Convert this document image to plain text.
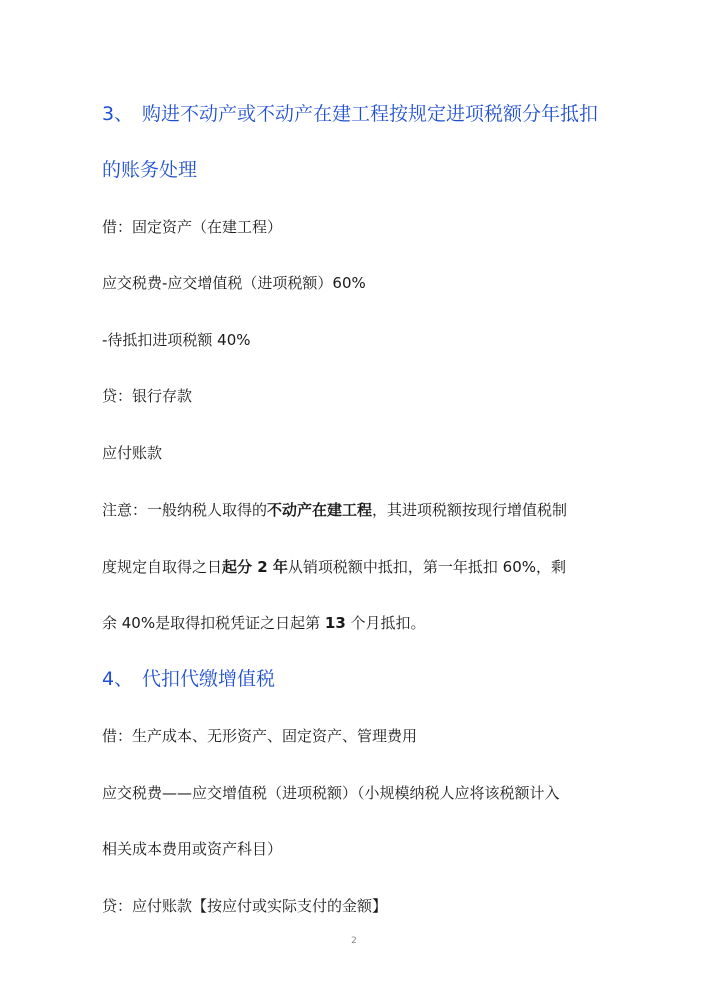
3、 购进不动产或不动产在建工程按规定进项税额分年抵扣
的账务处理
借：固定资产（在建工程）
应交税费-应交增值税（进项税额）60%
-待抵扣进项税额 40%
贷：银行存款
应付账款
注意：一般纳税人取得的不动产在建工程，其进项税额按现行增值税制
度规定自取得之日起分 2 年从销项税额中抵扣，第一年抵扣 60%，剩
余 40%是取得扣税凭证之日起第 13 个月抵扣。
4、 代扣代缴增值税
借：生产成本、无形资产、固定资产、管理费用
应交税费——应交增值税（进项税额）（小规模纳税人应将该税额计入
相关成本费用或资产科目）
贷：应付账款【按应付或实际支付的金额】
2
